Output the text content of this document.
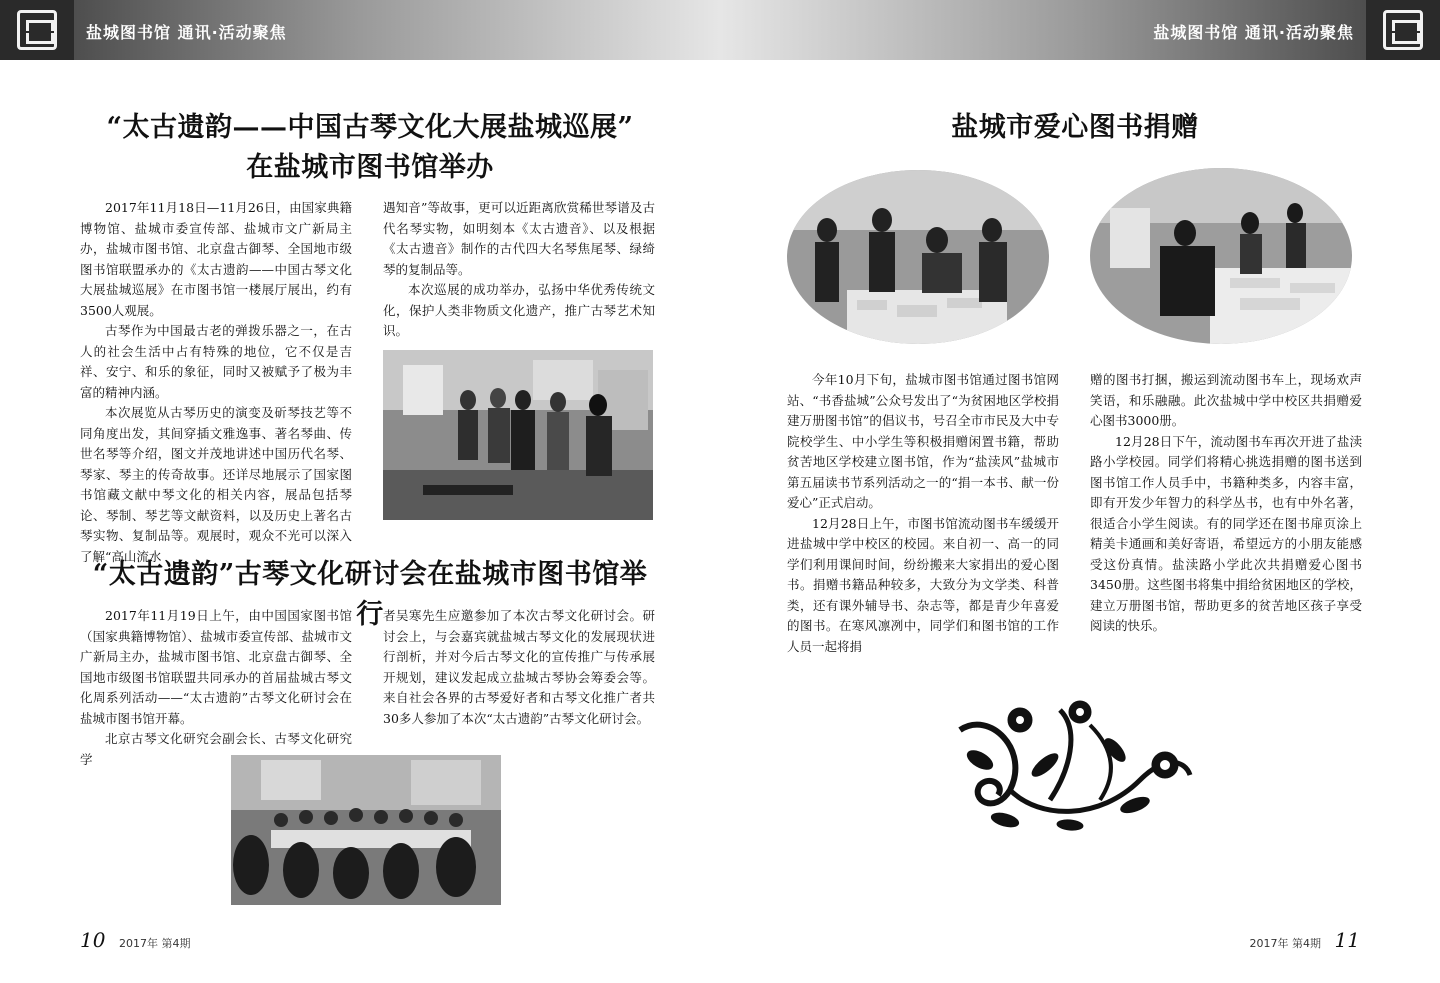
盐城图书馆 通讯·活动聚焦	盐城图书馆 通讯·活动聚焦
“太古遗韵——中国古琴文化大展盐城巡展”
在盐城市图书馆举办

2017年11月18日—11月26日，由国家典籍博物馆、盐城市委宣传部、盐城市文广新局主办，盐城市图书馆、北京盘古御琴、全国地市级图书馆联盟承办的《太古遗韵——中国古琴文化大展盐城巡展》在市图书馆一楼展厅展出，约有3500人观展。

古琴作为中国最古老的弹拨乐器之一，在古人的社会生活中占有特殊的地位，它不仅是吉祥、安宁、和乐的象征，同时又被赋予了极为丰富的精神内涵。

本次展览从古琴历史的演变及斫琴技艺等不同角度出发，其间穿插文雅逸事、著名琴曲、传世名琴等介绍，图文并茂地讲述中国历代名琴、琴家、琴主的传奇故事。还详尽地展示了国家图书馆藏文献中琴文化的相关内容，展品包括琴论、琴制、琴艺等文献资料，以及历史上著名古琴实物、复制品等。观展时，观众不光可以深入了解“高山流水

遇知音”等故事，更可以近距离欣赏稀世琴谱及古代名琴实物，如明刻本《太古遗音》、以及根据《太古遗音》制作的古代四大名琴焦尾琴、绿绮琴的复制品等。

本次巡展的成功举办，弘扬中华优秀传统文化，保护人类非物质文化遗产，推广古琴艺术知识。

“太古遗韵”古琴文化研讨会在盐城市图书馆举行

2017年11月19日上午，由中国国家图书馆（国家典籍博物馆）、盐城市委宣传部、盐城市文广新局主办，盐城市图书馆、北京盘古御琴、全国地市级图书馆联盟共同承办的首届盐城古琴文化周系列活动——“太古遗韵”古琴文化研讨会在盐城市图书馆开幕。

北京古琴文化研究会副会长、古琴文化研究学

者吴寒先生应邀参加了本次古琴文化研讨会。研讨会上，与会嘉宾就盐城古琴文化的发展现状进行剖析，并对今后古琴文化的宣传推广与传承展开规划，建议发起成立盐城古琴协会筹委会等。来自社会各界的古琴爱好者和古琴文化推广者共30多人参加了本次“太古遗韵”古琴文化研讨会。

10 2017年 第4期
盐城市爱心图书捐赠

今年10月下旬，盐城市图书馆通过图书馆网站、“书香盐城”公众号发出了“为贫困地区学校捐建万册图书馆”的倡议书，号召全市市民及大中专院校学生、中小学生等积极捐赠闲置书籍，帮助贫苦地区学校建立图书馆，作为“盐渎风”盐城市第五届读书节系列活动之一的“捐一本书、献一份爱心”正式启动。

12月28日上午，市图书馆流动图书车缓缓开进盐城中学中校区的校园。来自初一、高一的同学们利用课间时间，纷纷搬来大家捐出的爱心图书。捐赠书籍品种较多，大致分为文学类、科普类，还有课外辅导书、杂志等，都是青少年喜爱的图书。在寒风凛冽中，同学们和图书馆的工作人员一起将捐

赠的图书打捆，搬运到流动图书车上，现场欢声笑语，和乐融融。此次盐城中学中校区共捐赠爱心图书3000册。

12月28日下午，流动图书车再次开进了盐渎路小学校园。同学们将精心挑选捐赠的图书送到图书馆工作人员手中，书籍种类多，内容丰富，即有开发少年智力的科学丛书，也有中外名著，很适合小学生阅读。有的同学还在图书扉页涂上精美卡通画和美好寄语，希望远方的小朋友能感受这份真情。盐渎路小学此次共捐赠爱心图书3450册。这些图书将集中捐给贫困地区的学校，建立万册图书馆，帮助更多的贫苦地区孩子享受阅读的快乐。

2017年 第4期 11
